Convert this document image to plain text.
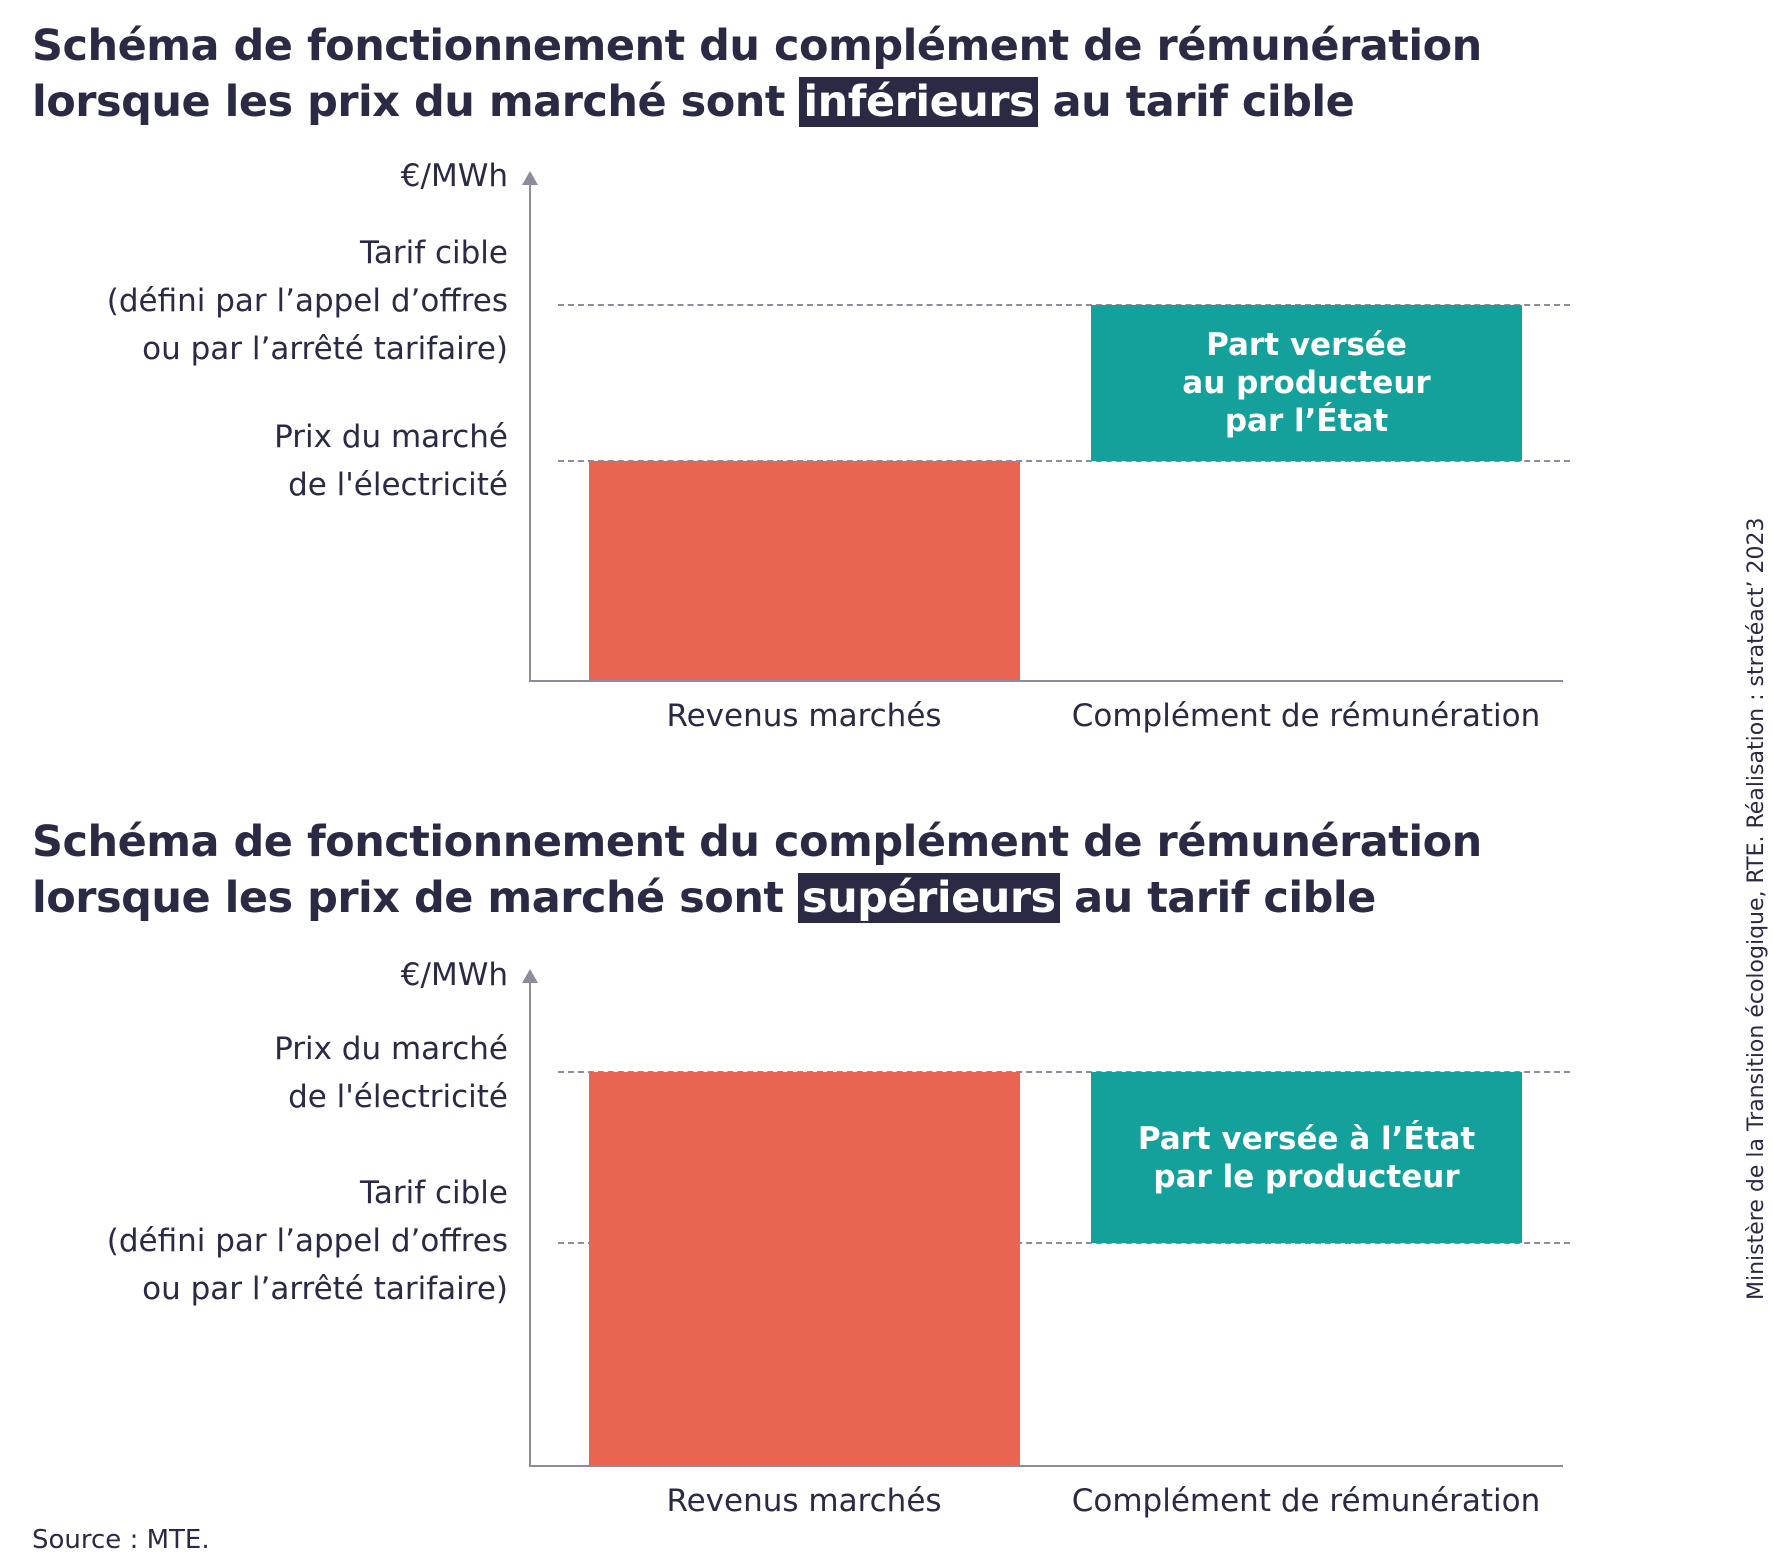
Schéma de fonctionnement du complément de rémunération
lorsque les prix du marché sont inférieurs au tarif cible
€/MWh
Tarif cible
(défini par l’appel d’offres
ou par l’arrêté tarifaire)
Prix du marché
de l'électricité
Part versée
au producteur
par l’État
Revenus marchés	Complément de rémunération
Schéma de fonctionnement du complément de rémunération
lorsque les prix de marché sont supérieurs au tarif cible
€/MWh
Prix du marché
de l'électricité
Tarif cible
(défini par l’appel d’offres
ou par l’arrêté tarifaire)
Part versée à l’État
par le producteur
Revenus marchés	Complément de rémunération
Source : MTE.
Ministère de la Transition écologique, RTE. Réalisation : stratéact’ 2023
